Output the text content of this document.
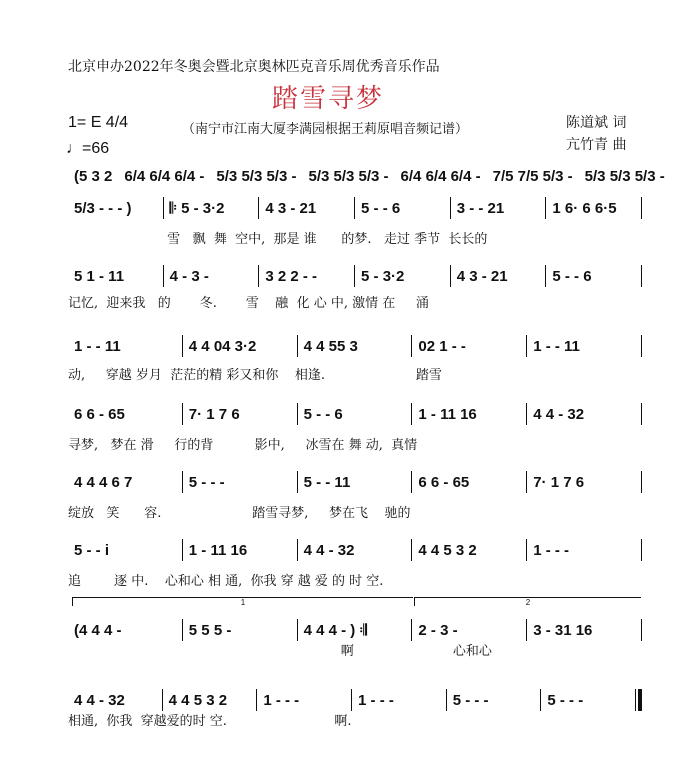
北京申办2022年冬奥会暨北京奥林匹克音乐周优秀音乐作品
踏雪寻梦
1= E 4/4
♩=66
（南宁市江南大厦李满园根据王莉原唱音频记谱）	陈道斌 词
亢竹青 曲
1	2
(5 3 2 6/4 6/4 6/4 - 5/3 5/3 5/3 - 5/3 5/3 5/3 - 6/4 6/4 6/4 - 7/5 7/5 5/3 - 5/3 5/3 5/3 -
5/3 - - - )	𝄆 5 - 3·2	4 3 - 21	5 - - 6	3 - - 21	1 6· 6 6·5
雪   飘  舞  空中,  那是 谁      的梦.   走过 季节  长长的
5 1 - 11	4 - 3 -	3 2 2 - -	5 - 3·2	4 3 - 21	5 - - 6
记忆,  迎来我   的       冬.       雪    融  化 心 中, 激情 在     涌
1 - - 11	4 4 04 3·2	4 4 55 3	02 1 - -	1 - - 11
动,     穿越 岁月  茫茫的精 彩又和你    相逢.                      踏雪
6 6 - 65	7· 1 7 6	5 - - 6	1 - 11 16	4 4 - 32
寻梦,   梦在 滑     行的背          影中,     冰雪在 舞 动,  真情
4 4 4 6 7	5 - - -	5 - - 11	6 6 - 65	7· 1 7 6
绽放   笑      容.                      踏雪寻梦,     梦在飞    驰的
5 - - i	1 - 11 16	4 4 - 32	4 4 5 3 2	1 - - -
追        逐 中.    心和心 相 通,  你我 穿 越 爱 的 时 空.
(4 4 4 -	5 5 5 -	4 4 4 - ) 𝄇	2 - 3 -	3 - 31 16
啊                        心和心
4 4 - 32	4 4 5 3 2	1 - - -	1 - - -	5 - - -	5 - - -
相通,  你我  穿越爱的时 空.                          啊.
